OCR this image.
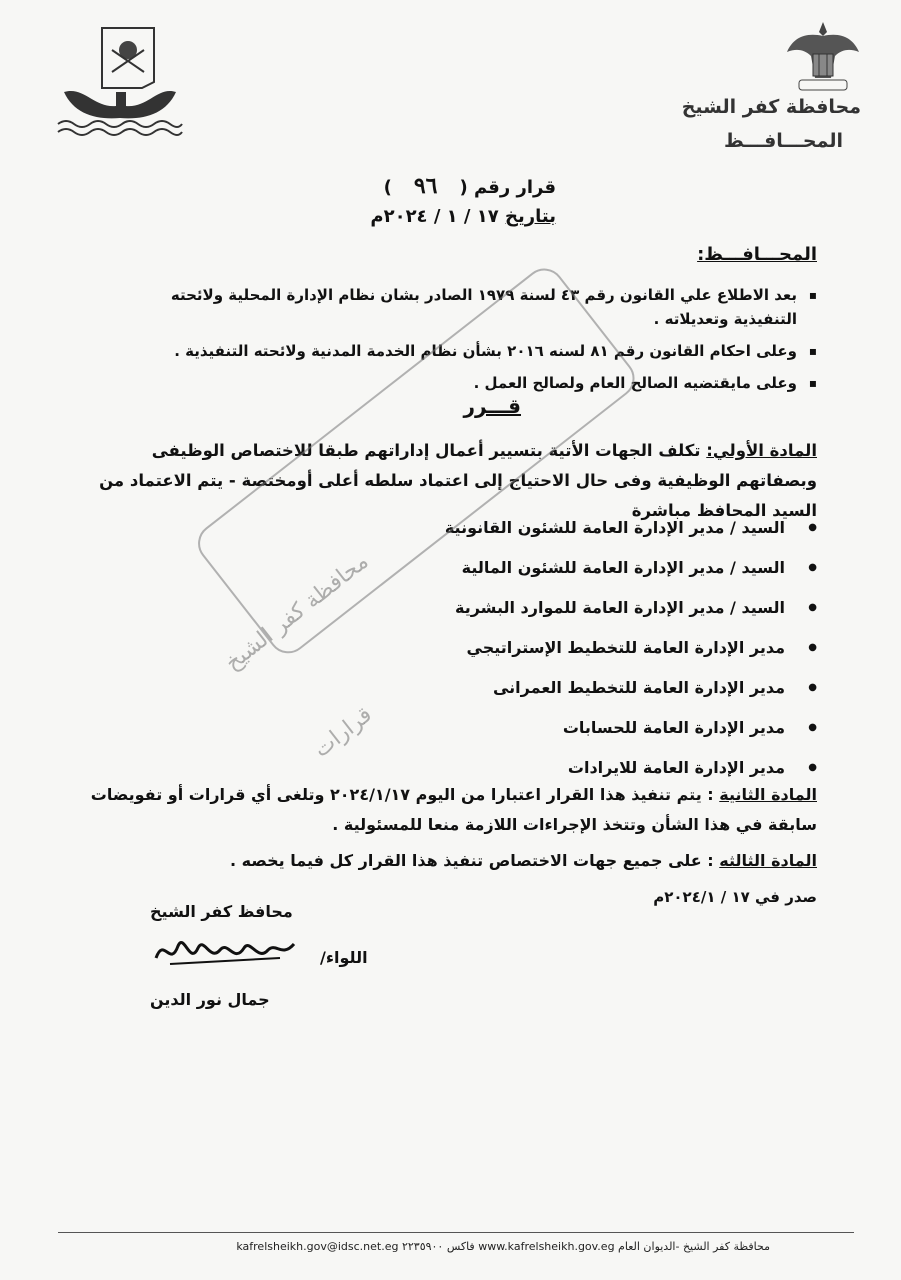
محافظة كفر الشيخ
المحـــافـــظ
قرار رقم (٩٦)
بتاريخ ١٧ / ١ / ٢٠٢٤م
المحـــافـــظ:
▪ بعد الاطلاع علي القانون رقم ٤٣ لسنة ١٩٧٩ الصادر بشان نظام الإدارة المحلية ولائحته التنفيذية وتعديلاته .
▪ وعلى احكام القانون رقم ٨١ لسنه ٢٠١٦ بشأن نظام الخدمة المدنية ولائحته التنفيذية .
▪ وعلى مايقتضيه الصالح العام ولصالح العمل .
قـــرر
المادة الأولي: تكلف الجهات الأتية بتسيير أعمال إداراتهم طبقا للاختصاص الوظيفى وبصفاتهم الوظيفية وفى حال الاحتياج إلى اعتماد سلطه أعلى أومختصة - يتم الاعتماد من السيد المحافظ مباشرة
● السيد / مدير الإدارة العامة للشئون القانونية
● السيد / مدير الإدارة العامة للشئون المالية
● السيد / مدير الإدارة العامة للموارد البشرية
● مدير الإدارة العامة للتخطيط الإستراتيجي
● مدير الإدارة العامة للتخطيط العمرانى
● مدير الإدارة العامة للحسابات
● مدير الإدارة العامة للايرادات
المادة الثانية : يتم تنفيذ هذا القرار اعتبارا من اليوم ٢٠٢٤/١/١٧ وتلغى أي قرارات أو تفويضات سابقة في هذا الشأن وتتخذ الإجراءات اللازمة منعا للمسئولية .
المادة الثالثه : على جميع جهات الاختصاص تنفيذ هذا القرار كل فيما يخصه .
صدر في ١٧ / ٢٠٢٤/١م
محافظ كفر الشيخ
اللواء/
جمال نور الدين
محافظة كفر الشيخ
قرارات
محافظة كفر الشيخ -الديوان العام www.kafrelsheikh.gov.eg فاكس ٢٢٣٥٩٠٠ kafrelsheikh.gov@idsc.net.eg
